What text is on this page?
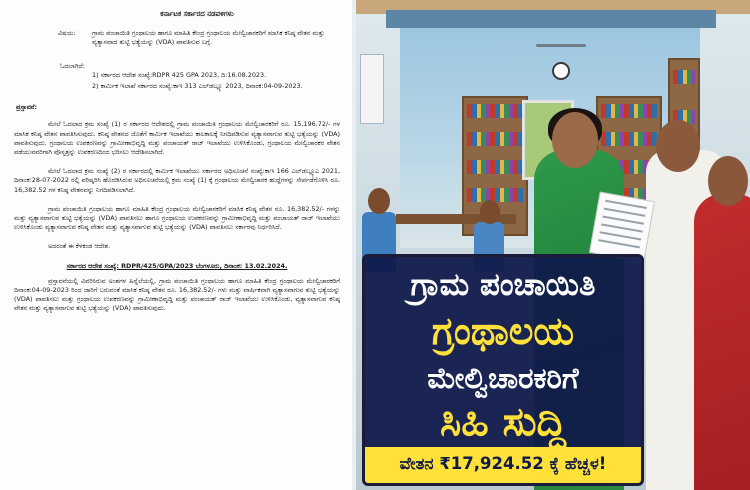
ಕರ್ನಾಟಕ ಸರ್ಕಾರದ ನಡವಳಿಗಳು
ವಿಷಯ:	ಗ್ರಾಮ ಪಂಚಾಯಿತಿ ಗ್ರಂಥಾಲಯ ಹಾಗೂ ಮಾಹಿತಿ ಕೇಂದ್ರ ಗ್ರಂಥಾಲಯ ಮೇಲ್ವಿಚಾರಕರಿಗೆ ಮಾಸಿಕ ಕನಿಷ್ಠ ವೇತನ ಮತ್ತು ವ್ಯತ್ಯಾಸವಾದ ತುಟ್ಟಿ ಭತ್ಯೆಯನ್ನು (VDA) ಪಾವತಿಸುವ ಬಗ್ಗೆ.
ಓದಲಾಗಿದೆ:
1) ಸರ್ಕಾರದ ಆದೇಶ ಸಂಖ್ಯೆ:RDPR 425 GPA 2023, ದಿ:16.08.2023.
2) ಕಾರ್ಮಿಕ ಇಲಾಖೆ ಸರ್ಕಾರದ ಸಂಖ್ಯೆ:ಕಾಇ 313 ಎಲ್‌ಡಬ್ಲ್ಯೂ 2023, ದಿನಾಂಕ:04-09-2023.
ಪ್ರಸ್ತಾವನೆ:

ಮೇಲೆ ಓದಲಾದ ಕ್ರಮ ಸಂಖ್ಯೆ (1) ರ ಸರ್ಕಾರದ ಆದೇಶದಲ್ಲಿ ಗ್ರಾಮ ಪಂಚಾಯಿತಿ ಗ್ರಂಥಾಲಯ ಮೇಲ್ವಿಚಾರಕರಿಗೆ ರೂ. 15,196.72/- ಗಳ ಮಾಸಿಕ ಕನಿಷ್ಠ ವೇತನ ಪಾವತಿಸಿಸುವುದು. ಕನಿಷ್ಠ ವೇತನದ ಜೊತೆಗೆ ಕಾರ್ಮಿಕ ಇಲಾಖೆಯು ಕಾಲಕಾಲಕ್ಕೆ ನಿಗದಿಪಡಿಸುವ ವ್ಯತ್ಯಾಸವಾಗುವ ತುಟ್ಟಿ ಭತ್ಯೆಯನ್ನು (VDA) ಪಾವತಿಸುವುದು. ಗ್ರಂಥಾಲಯ ಉಪಕರಣವನ್ನು ಗ್ರಾಮೀಣಾಭಿವೃದ್ಧಿ ಮತ್ತು ಪಂಚಾಯತ್ ರಾಜ್ ಇಲಾಖೆಯು ಉಳಿಸಿಕೊಂಡು, ಗ್ರಂಥಾಲಯ ಮೇಲ್ವಿಚಾರಕರ ವೇತನ ಪಡೆಯುವವರಿಗಾಗಿ ಪೊಸೃತ್ತನ್ನು ಉಪಕರಣದಿಂದ ಭರಿಸಲು ಆದೇಶಿಸಲಾಗಿದೆ.

ಮೇಲೆ ಓದಲಾದ ಕ್ರಮ ಸಂಖ್ಯೆ (2) ರ ಸರ್ಕಾರದಲ್ಲಿ ಕಾರ್ಮಿಕ ಇಲಾಖೆಯು ಸರ್ಕಾರದ ಅಧಿಸೂಚನೆ ಸಂಖ್ಯೆ:ಕಾಇ 166 ಎಲ್‌ಡಬ್ಲ್ಯೂಎ 2021, ದಿನಾಂಕ:28-07-2022 ರಲ್ಲಿ ಪರಿಷ್ಕರಿಸಿ ಹೊರಡಿಸಿರುವ ಅಧಿಸೂಚನೆಯಲ್ಲಿ ಕ್ರಮ ಸಂಖ್ಯೆ (1) ಕ್ಕೆ ಗ್ರಂಥಾಲಯ ಮೇಲ್ವಿಚಾರಕ ಹುದ್ದೆಗಳನ್ನು ಸೇರ್ಪಡೆಗೊಳಿಸಿ ರೂ. 16,382.52 ಗಳ ಕನಿಷ್ಠ ವೇತನವನ್ನು ನಿಗದಿಪಡಿಸಲಾಗಿದೆ.

ಗ್ರಾಮ ಪಂಚಾಯಿತಿ ಗ್ರಂಥಾಲಯ ಹಾಗೂ ಮಾಹಿತಿ ಕೇಂದ್ರ ಗ್ರಂಥಾಲಯ ಮೇಲ್ವಿಚಾರಕರಿಗೆ ಮಾಸಿಕ ಕನಿಷ್ಠ ವೇತನ ರೂ. 16,382.52/- ಗಳನ್ನು ಮತ್ತು ವ್ಯತ್ಯಾಸವಾಗುವ ತುಟ್ಟಿ ಭತ್ಯೆಯನ್ನು (VDA) ಪಾವತಿಸಲು ಹಾಗೂ ಗ್ರಂಥಾಲಯ ಉಪಕರಣವನ್ನು ಗ್ರಾಮೀಣಾಭಿವೃದ್ಧಿ ಮತ್ತು ಪಂಚಾಯತ್ ರಾಜ್ ಇಲಾಖೆಯು ಉಳಿಸಿಕೊಂಡು ವ್ಯತ್ಯಾಸವಾಗುವ ಕನಿಷ್ಠ ವೇತನ ಮತ್ತು ವ್ಯತ್ಯಾಸವಾಗುವ ತುಟ್ಟಿ ಭತ್ಯೆಯನ್ನು (VDA) ಪಾವತಿಸಲು ಸರ್ಕಾರವು ನಿರ್ಧರಿಸಿದೆ.

ಅದರಂತೆ ಈ ಕೆಳಕಂಡ ಆದೇಶ.
ಸರ್ಕಾರದ ಆದೇಶ ಸಂಖ್ಯೆ: RDPR/425/GPA/2023 ಬೆಂಗಳೂರು, ದಿನಾಂಕ: 13.02.2024.

ಪ್ರಸ್ತಾವನೆಯಲ್ಲಿ ವಿವರಿಸಿರುವ ಅಂಶಗಳ ಹಿನ್ನೆಲೆಯಲ್ಲಿ, ಗ್ರಾಮ ಪಂಚಾಯಿತಿ ಗ್ರಂಥಾಲಯ ಹಾಗೂ ಮಾಹಿತಿ ಕೇಂದ್ರ ಗ್ರಂಥಾಲಯ ಮೇಲ್ವಿಚಾರಕರಿಗೆ ದಿನಾಂಕ:04-09-2023 ರಿಂದ ಜಾರಿಗೆ ಬರುವಂತೆ ಮಾಸಿಕ ಕನಿಷ್ಠ ವೇತನ ರೂ. 16,382.52/- ಗಳು ಮತ್ತು ವಾರ್ಷಿಕವಾಗಿ ವ್ಯತ್ಯಾಸವಾಗುವ ತುಟ್ಟಿ ಭತ್ಯೆಯನ್ನು (VDA) ಪಾವತಿಸಲು ಮತ್ತು ಗ್ರಂಥಾಲಯ ಉಪಕರಣವನ್ನು ಗ್ರಾಮೀಣಾಭಿವೃದ್ಧಿ ಮತ್ತು ಪಂಚಾಯತ್ ರಾಜ್ ಇಲಾಖೆಯು ಉಳಿಸಿಕೊಂಡು, ವ್ಯತ್ಯಾಸವಾಗುವ ಕನಿಷ್ಠ ವೇತನ ಮತ್ತು ವ್ಯತ್ಯಾಸವಾಗುವ ತುಟ್ಟಿ ಭತ್ಯೆಯನ್ನು (VDA) ಪಾವತಿಸುವುದು.

ಗ್ರಾಮ ಪಂಚಾಯಿತಿ
ಗ್ರಂಥಾಲಯ
ಮೇಲ್ವಿಚಾರಕರಿಗೆ
ಸಿಹಿ ಸುದ್ದಿ
ವೇತನ ₹17,924.52 ಕ್ಕೆ ಹೆಚ್ಚಳ!
